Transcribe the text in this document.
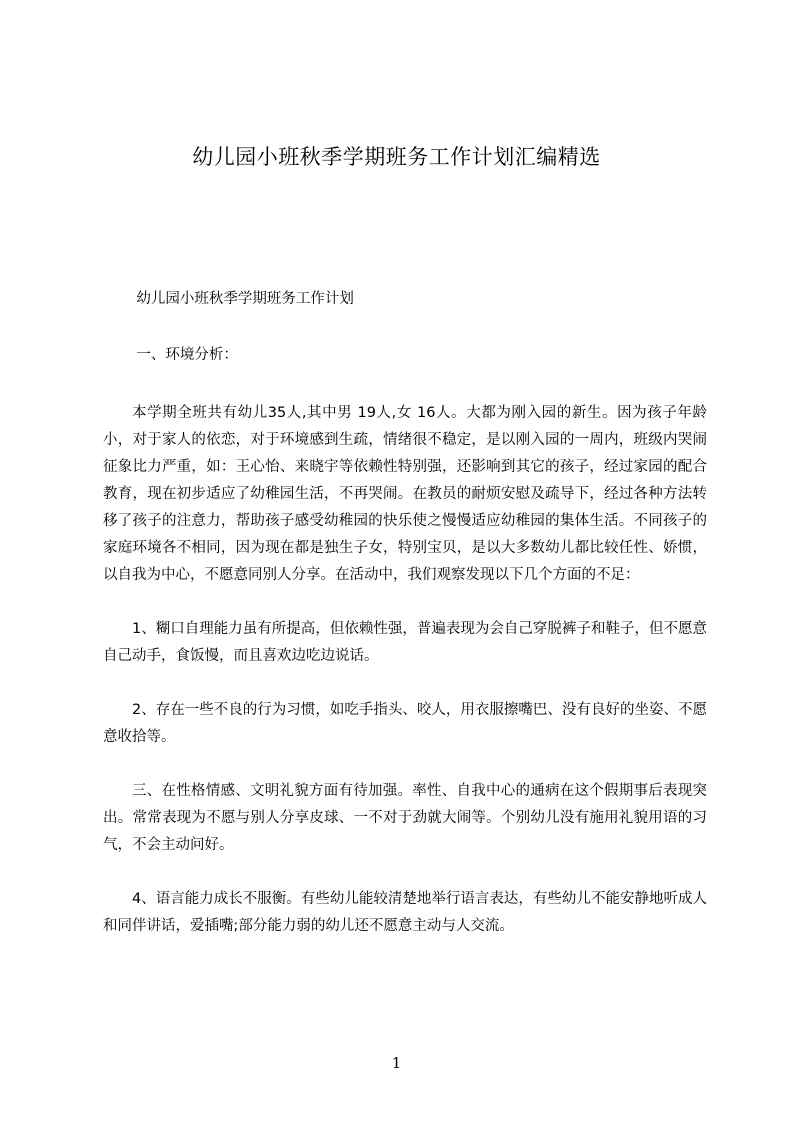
幼儿园小班秋季学期班务工作计划汇编精选

幼儿园小班秋季学期班务工作计划

一、环境分析：

本学期全班共有幼儿35人,其中男 19人,女 16人。大都为刚入园的新生。因为孩子年龄小，对于家人的依恋，对于环境感到生疏，情绪很不稳定，是以刚入园的一周内，班级内哭闹征象比力严重，如：王心怡、来晓宇等依赖性特别强，还影响到其它的孩子，经过家园的配合教育，现在初步适应了幼稚园生活，不再哭闹。在教员的耐烦安慰及疏导下，经过各种方法转移了孩子的注意力，帮助孩子感受幼稚园的快乐使之慢慢适应幼稚园的集体生活。不同孩子的家庭环境各不相同，因为现在都是独生子女，特别宝贝，是以大多数幼儿都比较任性、娇惯，以自我为中心，不愿意同别人分享。在活动中，我们观察发现以下几个方面的不足：

1、糊口自理能力虽有所提高，但依赖性强，普遍表现为会自己穿脱裤子和鞋子，但不愿意自己动手，食饭慢，而且喜欢边吃边说话。

2、存在一些不良的行为习惯，如吃手指头、咬人，用衣服擦嘴巴、没有良好的坐姿、不愿意收拾等。

三、在性格情感、文明礼貌方面有待加强。率性、自我中心的通病在这个假期事后表现突出。常常表现为不愿与别人分享皮球、一不对于劲就大闹等。个别幼儿没有施用礼貌用语的习气，不会主动问好。

4、语言能力成长不服衡。有些幼儿能较清楚地举行语言表达，有些幼儿不能安静地听成人和同伴讲话，爱插嘴;部分能力弱的幼儿还不愿意主动与人交流。

1
